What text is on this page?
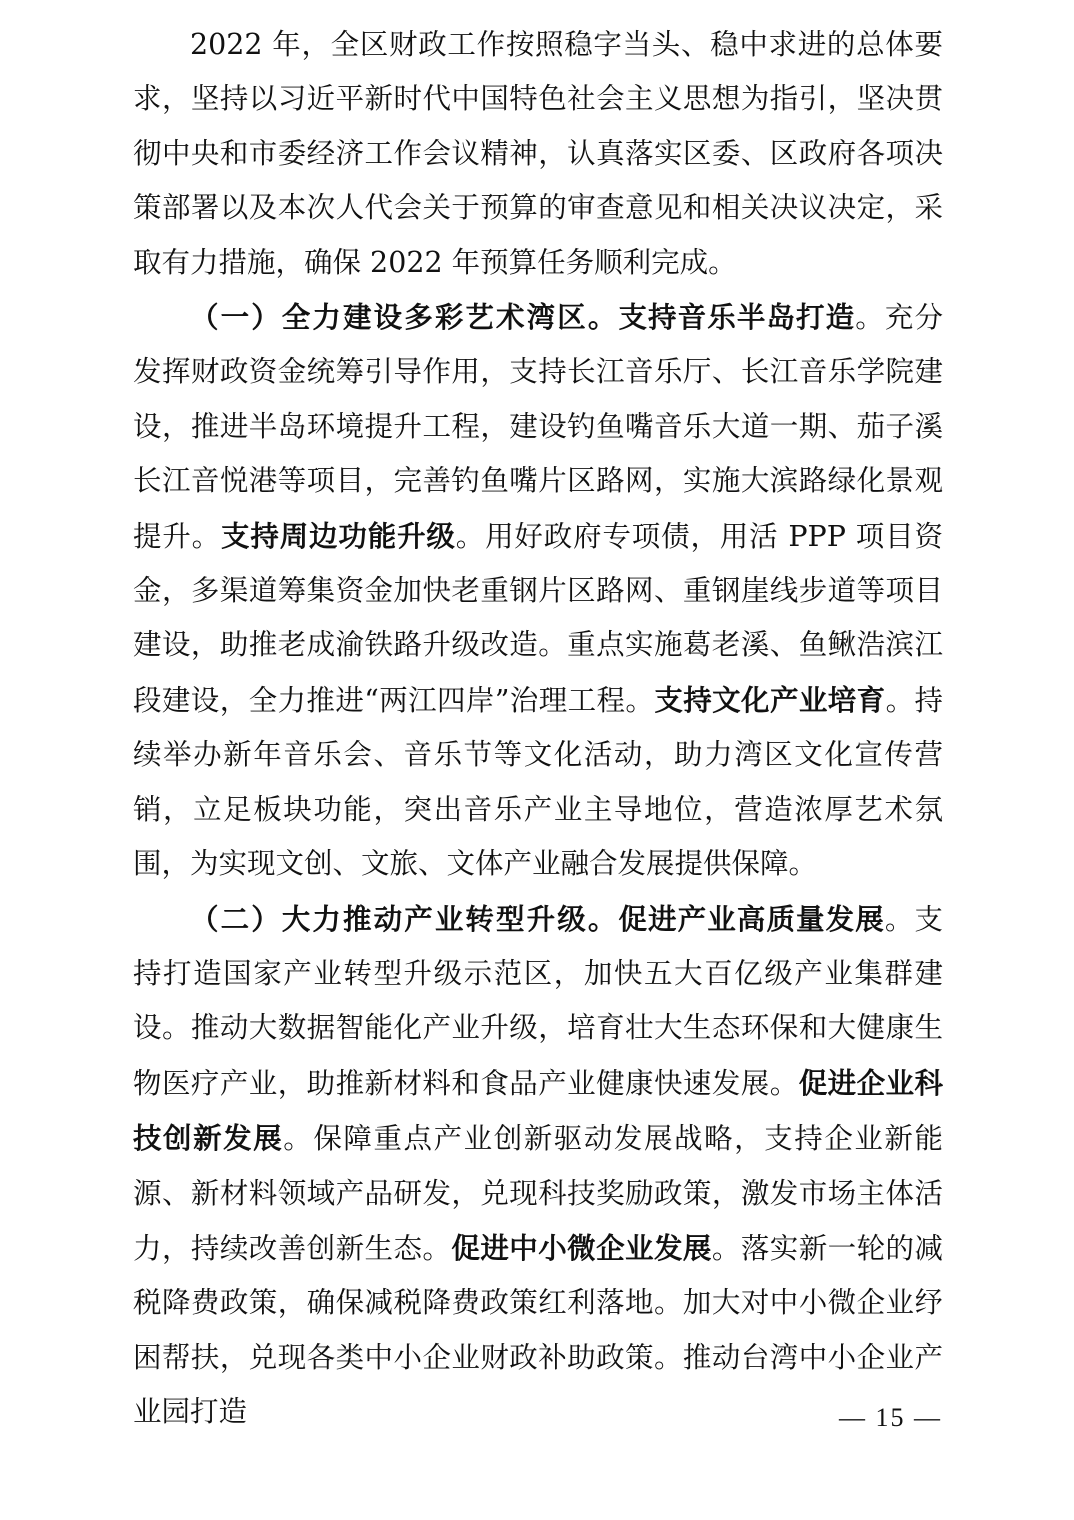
2022 年，全区财政工作按照稳字当头、稳中求进的总体要求，坚持以习近平新时代中国特色社会主义思想为指引，坚决贯彻中央和市委经济工作会议精神，认真落实区委、区政府各项决策部署以及本次人代会关于预算的审查意见和相关决议决定，采取有力措施，确保 2022 年预算任务顺利完成。

（一）全力建设多彩艺术湾区。支持音乐半岛打造。充分发挥财政资金统筹引导作用，支持长江音乐厅、长江音乐学院建设，推进半岛环境提升工程，建设钓鱼嘴音乐大道一期、茄子溪长江音悦港等项目，完善钓鱼嘴片区路网，实施大滨路绿化景观提升。支持周边功能升级。用好政府专项债，用活 PPP 项目资金，多渠道筹集资金加快老重钢片区路网、重钢崖线步道等项目建设，助推老成渝铁路升级改造。重点实施葛老溪、鱼鳅浩滨江段建设，全力推进“两江四岸”治理工程。支持文化产业培育。持续举办新年音乐会、音乐节等文化活动，助力湾区文化宣传营销，立足板块功能，突出音乐产业主导地位，营造浓厚艺术氛围，为实现文创、文旅、文体产业融合发展提供保障。

（二）大力推动产业转型升级。促进产业高质量发展。支持打造国家产业转型升级示范区，加快五大百亿级产业集群建设。推动大数据智能化产业升级，培育壮大生态环保和大健康生物医疗产业，助推新材料和食品产业健康快速发展。促进企业科技创新发展。保障重点产业创新驱动发展战略，支持企业新能源、新材料领域产品研发，兑现科技奖励政策，激发市场主体活力，持续改善创新生态。促进中小微企业发展。落实新一轮的减税降费政策，确保减税降费政策红利落地。加大对中小微企业纾困帮扶，兑现各类中小企业财政补助政策。推动台湾中小企业产业园打造	— 15 —
